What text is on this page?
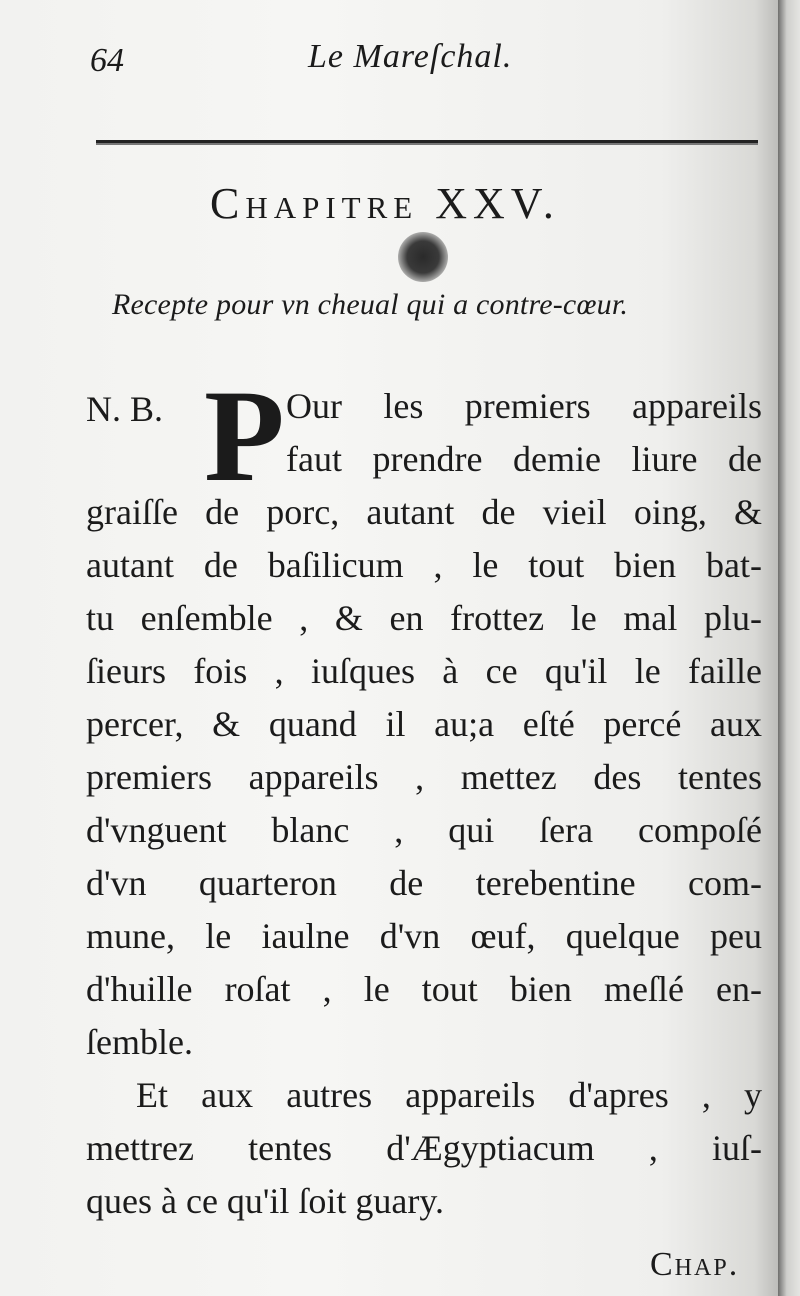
64	Le Mareſchal.
Chapitre XXV.
Recepte pour vn cheual qui a contre-cœur.
N. B. P Our les premiers appareils
faut prendre demie liure de
graiſſe de porc, autant de vieil oing, &
autant de baſilicum , le tout bien bat-
tu enſemble , & en frottez le mal plu-
ſieurs fois , iuſques à ce qu'il le faille
percer, & quand il au;a eſté percé aux
premiers appareils , mettez des tentes
d'vnguent blanc , qui ſera compoſé
d'vn quarteron de terebentine com-
mune, le iaulne d'vn œuf, quelque peu
d'huille roſat , le tout bien meſlé en-
ſemble.
Et aux autres appareils d'apres , y
mettrez tentes d'Ægyptiacum , iuſ-
ques à ce qu'il ſoit guary.
Chap.
